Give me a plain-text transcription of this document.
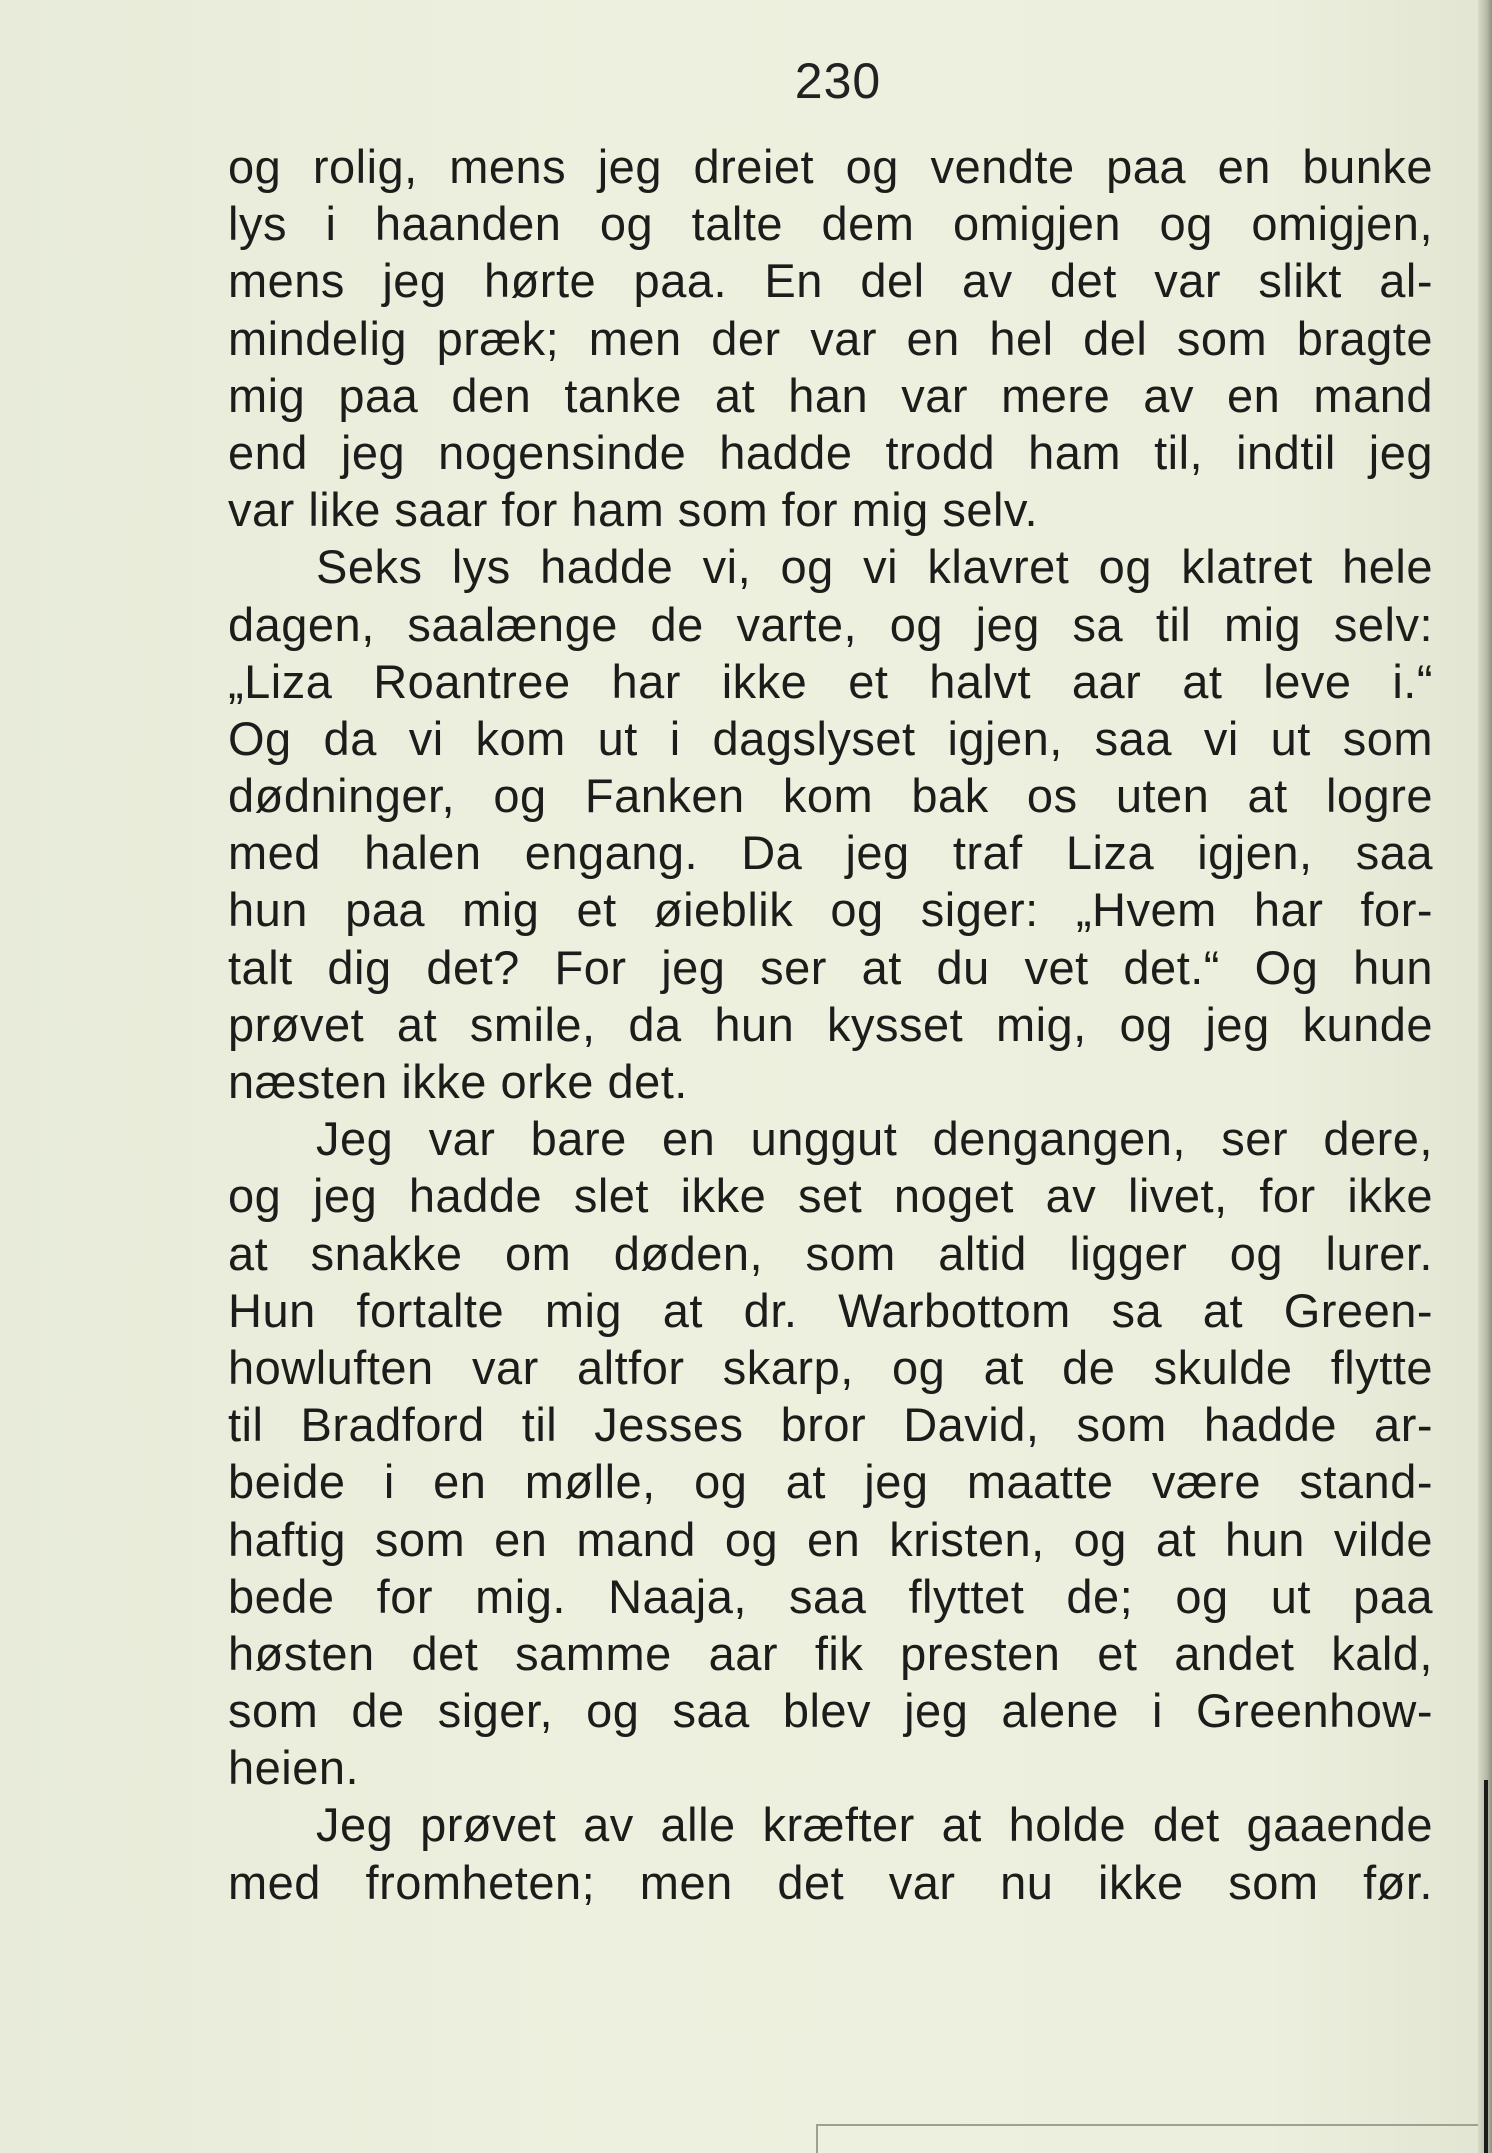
230
og rolig, mens jeg dreiet og vendte paa en bunke
lys i haanden og talte dem omigjen og omigjen,
mens jeg hørte paa. En del av det var slikt al-
mindelig præk; men der var en hel del som bragte
mig paa den tanke at han var mere av en mand
end jeg nogensinde hadde trodd ham til, indtil jeg
var like saar for ham som for mig selv.
Seks lys hadde vi, og vi klavret og klatret hele
dagen, saalænge de varte, og jeg sa til mig selv:
„Liza Roantree har ikke et halvt aar at leve i.“
Og da vi kom ut i dagslyset igjen, saa vi ut som
dødninger, og Fanken kom bak os uten at logre
med halen engang. Da jeg traf Liza igjen, saa
hun paa mig et øieblik og siger: „Hvem har for-
talt dig det? For jeg ser at du vet det.“ Og hun
prøvet at smile, da hun kysset mig, og jeg kunde
næsten ikke orke det.
Jeg var bare en unggut dengangen, ser dere,
og jeg hadde slet ikke set noget av livet, for ikke
at snakke om døden, som altid ligger og lurer.
Hun fortalte mig at dr. Warbottom sa at Green-
howluften var altfor skarp, og at de skulde flytte
til Bradford til Jesses bror David, som hadde ar-
beide i en mølle, og at jeg maatte være stand-
haftig som en mand og en kristen, og at hun vilde
bede for mig. Naaja, saa flyttet de; og ut paa
høsten det samme aar fik presten et andet kald,
som de siger, og saa blev jeg alene i Greenhow-
heien.
Jeg prøvet av alle kræfter at holde det gaaende
med fromheten; men det var nu ikke som før.
